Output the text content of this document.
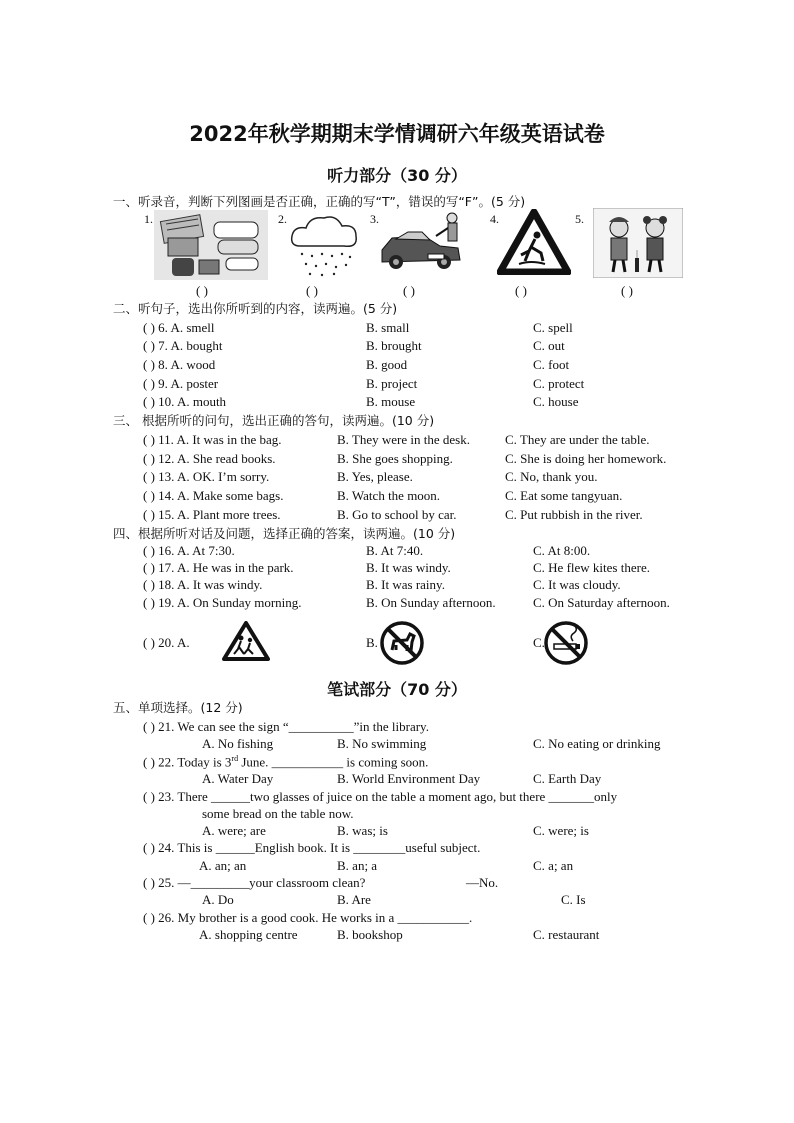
2022年秋学期期末学情调研六年级英语试卷
听力部分（30 分）
一、听录音，判断下列图画是否正确，正确的写“T”，错误的写“F”。(5 分)
1.	2.	3.	4.	5.
( )	( )	( )	( )	( )
二、听句子，选出你所听到的内容，读两遍。(5 分)
( ) 6. A. smell	B. small	C. spell
( ) 7. A. bought	B. brought	C. out
( ) 8. A. wood	B. good	C. foot
( ) 9. A. poster	B. project	C. protect
( ) 10. A. mouth	B. mouse	C. house
三、 根据所听的问句，选出正确的答句，读两遍。(10 分)
( ) 11. A. It was in the bag.	B. They were in the desk.	C. They are under the table.
( ) 12. A. She read books.	B. She goes shopping.	C. She is doing her homework.
( ) 13. A. OK. I’m sorry.	B. Yes, please.	C. No, thank you.
( ) 14. A. Make some bags.	B. Watch the moon.	C. Eat some tangyuan.
( ) 15. A. Plant more trees.	B. Go to school by car.	C. Put rubbish in the river.
四、根据所听对话及问题，选择正确的答案，读两遍。(10 分)
( ) 16. A. At 7:30.	B. At 7:40.	C. At 8:00.
( ) 17. A. He was in the park.	B. It was windy.	C. He flew kites there.
( ) 18. A. It was windy.	B. It was rainy.	C. It was cloudy.
( ) 19. A. On Sunday morning.	B. On Sunday afternoon.	C. On Saturday afternoon.
( ) 20. A.	B.	C.
笔试部分（70 分）
五、单项选择。(12 分)
( ) 21. We can see the sign “__________”in the library.
A. No fishing	B. No swimming	C. No eating or drinking
( ) 22. Today is 3rd June. ___________ is coming soon.
A. Water Day	B. World Environment Day	C. Earth Day
( ) 23. There ______two glasses of juice on the table a moment ago, but there _______only
some bread on the table now.
A. were; are	B. was; is	C. were; is
( ) 24. This is ______English book. It is ________useful subject.
A. an; an	B. an; a	C. a; an
( ) 25. —_________your classroom clean?	—No.
A. Do	B. Are	C. Is
( ) 26. My brother is a good cook. He works in a ___________.
A. shopping centre	B. bookshop	C. restaurant
